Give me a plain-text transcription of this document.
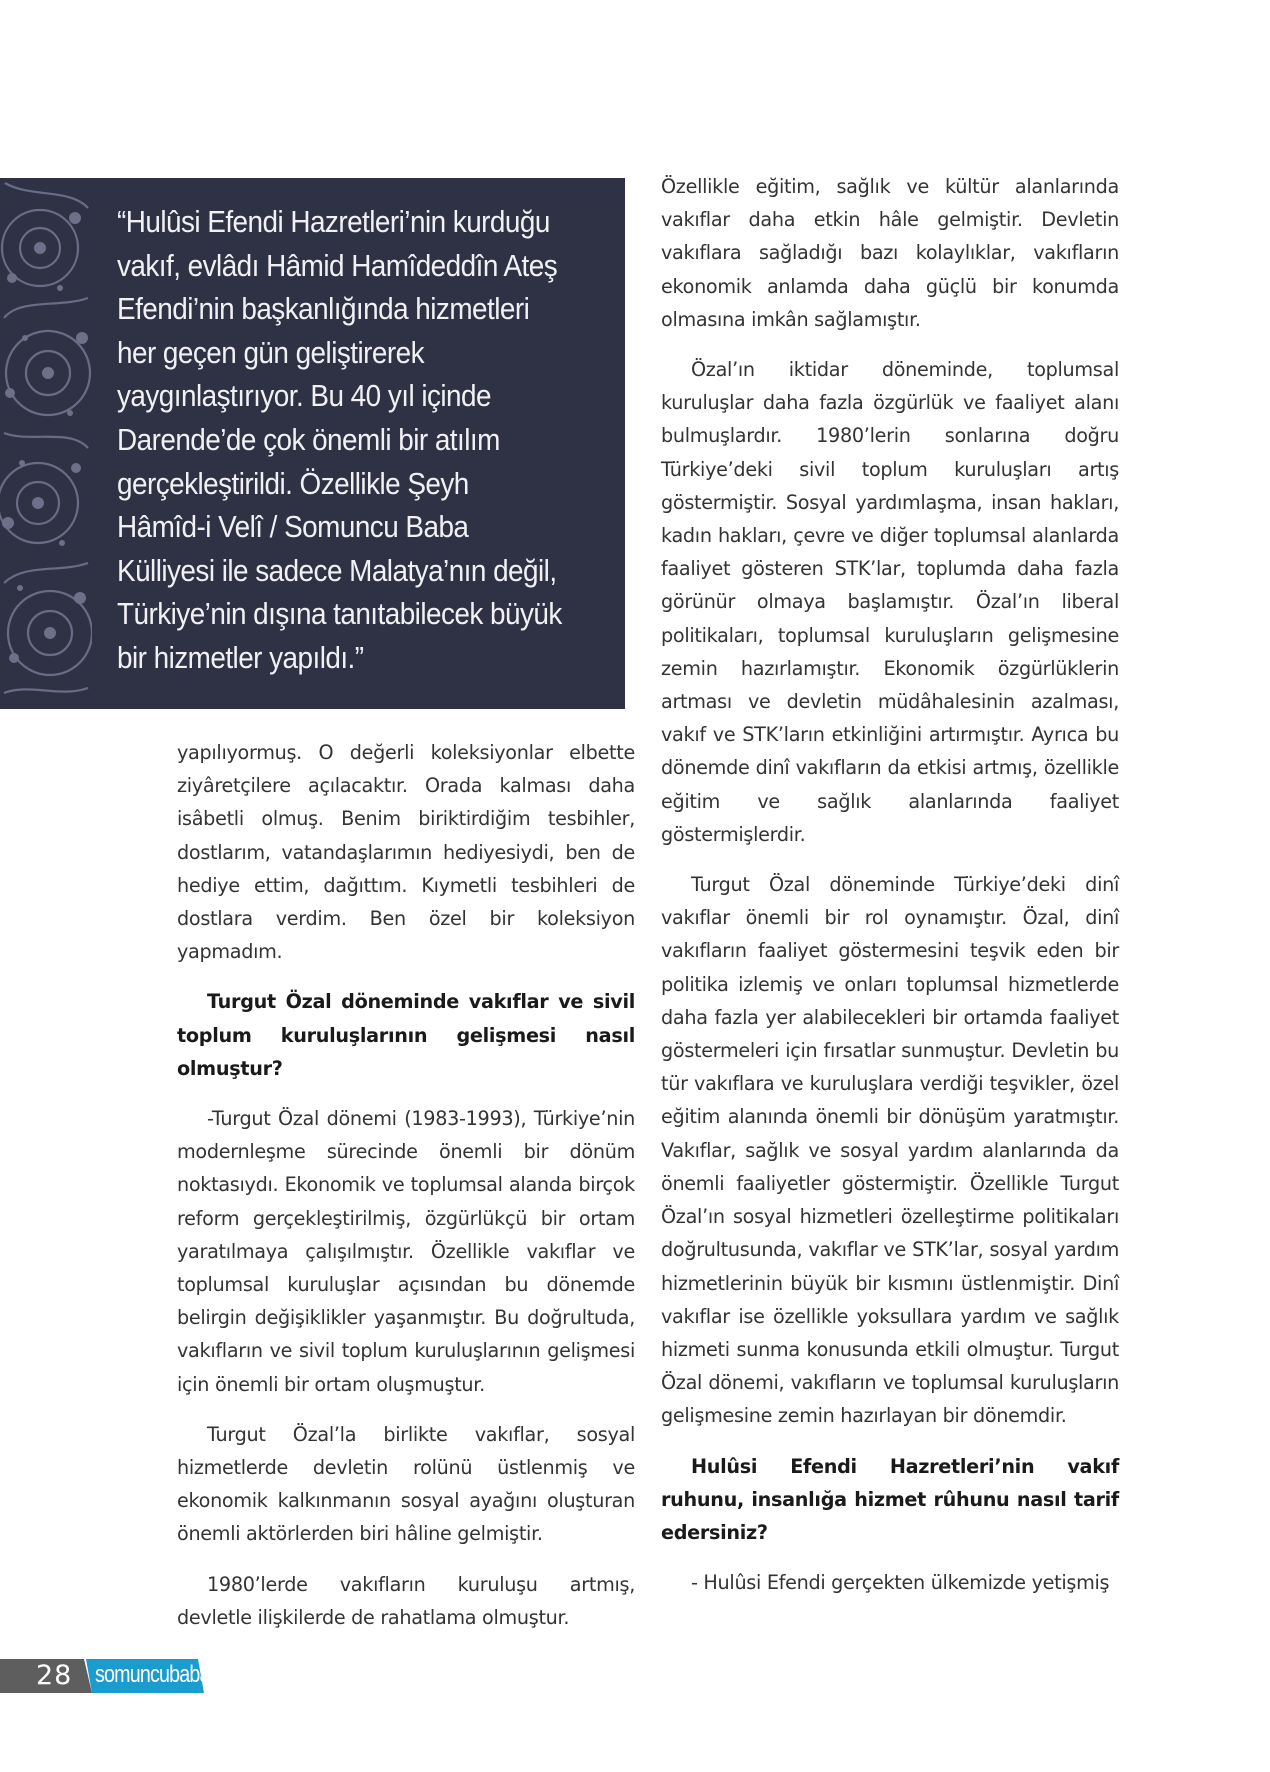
“Hulûsi Efendi Hazretleri’nin kurduğu
vakıf, evlâdı Hâmid Hamîdeddîn Ateş
Efendi’nin başkanlığında hizmetleri
her geçen gün geliştirerek
yaygınlaştırıyor. Bu 40 yıl içinde
Darende’de çok önemli bir atılım
gerçekleştirildi. Özellikle Şeyh
Hâmîd-i Velî / Somuncu Baba
Külliyesi ile sadece Malatya’nın değil,
Türkiye’nin dışına tanıtabilecek büyük
bir hizmetler yapıldı.”

yapılıyormuş. O değerli koleksiyonlar elbette ziyâretçilere açılacaktır. Orada kalması daha isâbetli olmuş. Benim biriktirdiğim tesbihler, dostlarım, vatandaşlarımın hediyesiydi, ben de hediye ettim, dağıttım. Kıymetli tesbihleri de dostlara verdim. Ben özel bir koleksiyon yapmadım.

Turgut Özal döneminde vakıflar ve sivil toplum kuruluşlarının gelişmesi nasıl olmuştur?

-Turgut Özal dönemi (1983-1993), Türkiye’nin modernleşme sürecinde önemli bir dönüm noktasıydı. Ekonomik ve toplumsal alanda birçok reform gerçekleştirilmiş, özgürlükçü bir ortam yaratılmaya çalışılmıştır. Özellikle vakıflar ve toplumsal kuruluşlar açısından bu dönemde belirgin değişiklikler yaşanmıştır. Bu doğrultuda, vakıfların ve sivil toplum kuruluşlarının gelişmesi için önemli bir ortam oluşmuştur.

Turgut Özal’la birlikte vakıflar, sosyal hizmetlerde devletin rolünü üstlenmiş ve ekonomik kalkınmanın sosyal ayağını oluşturan önemli aktörlerden biri hâline gelmiştir.

1980’lerde vakıfların kuruluşu artmış, devletle ilişkilerde de rahatlama olmuştur.

Özellikle eğitim, sağlık ve kültür alanlarında vakıflar daha etkin hâle gelmiştir. Devletin vakıflara sağladığı bazı kolaylıklar, vakıfların ekonomik anlamda daha güçlü bir konumda olmasına imkân sağlamıştır.

Özal’ın iktidar döneminde, toplumsal kuruluşlar daha fazla özgürlük ve faaliyet alanı bulmuşlardır. 1980’lerin sonlarına doğru Türkiye’deki sivil toplum kuruluşları artış göstermiştir. Sosyal yardımlaşma, insan hakları, kadın hakları, çevre ve diğer toplumsal alanlarda faaliyet gösteren STK’lar, toplumda daha fazla görünür olmaya başlamıştır. Özal’ın liberal politikaları, toplumsal kuruluşların gelişmesine zemin hazırlamıştır. Ekonomik özgürlüklerin artması ve devletin müdâhalesinin azalması, vakıf ve STK’ların etkinliğini artırmıştır. Ayrıca bu dönemde dinî vakıfların da etkisi artmış, özellikle eğitim ve sağlık alanlarında faaliyet göstermişlerdir.

Turgut Özal döneminde Türkiye’deki dinî vakıflar önemli bir rol oynamıştır. Özal, dinî vakıfların faaliyet göstermesini teşvik eden bir politika izlemiş ve onları toplumsal hizmetlerde daha fazla yer alabilecekleri bir ortamda faaliyet göstermeleri için fırsatlar sunmuştur. Devletin bu tür vakıflara ve kuruluşlara verdiği teşvikler, özel eğitim alanında önemli bir dönüşüm yaratmıştır. Vakıflar, sağlık ve sosyal yardım alanlarında da önemli faaliyetler göstermiştir. Özellikle Turgut Özal’ın sosyal hizmetleri özelleştirme politikaları doğrultusunda, vakıflar ve STK’lar, sosyal yardım hizmetlerinin büyük bir kısmını üstlenmiştir. Dinî vakıflar ise özellikle yoksullara yardım ve sağlık hizmeti sunma konusunda etkili olmuştur. Turgut Özal dönemi, vakıfların ve toplumsal kuruluşların gelişmesine zemin hazırlayan bir dönemdir.

Hulûsi Efendi Hazretleri’nin vakıf ruhunu, insanlığa hizmet rûhunu nasıl tarif edersiniz?

- Hulûsi Efendi gerçekten ülkemizde yetişmiş

28 somuncubaba
